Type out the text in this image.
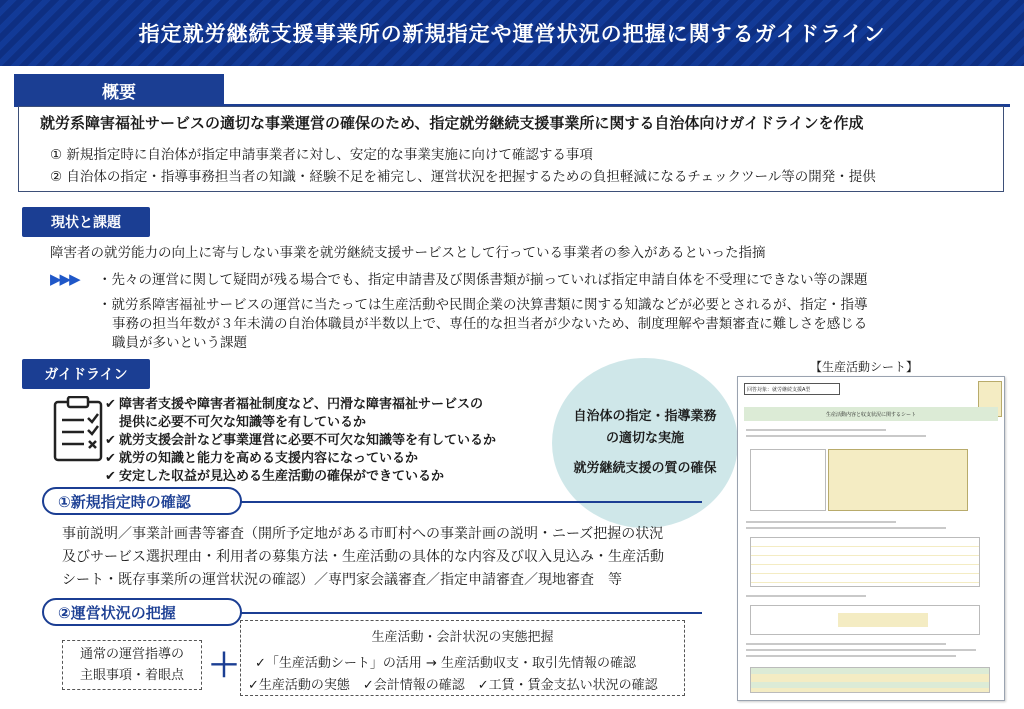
指定就労継続支援事業所の新規指定や運営状況の把握に関するガイドライン
概要
就労系障害福祉サービスの適切な事業運営の確保のため、指定就労継続支援事業所に関する自治体向けガイドラインを作成
① 新規指定時に自治体が指定申請事業者に対し、安定的な事業実施に向けて確認する事項
② 自治体の指定・指導事務担当者の知識・経験不足を補完し、運営状況を把握するための負担軽減になるチェックツール等の開発・提供
現状と課題
障害者の就労能力の向上に寄与しない事業を就労継続支援サービスとして行っている事業者の参入があるといった指摘
▶▶▶ ・先々の運営に関して疑問が残る場合でも、指定申請書及び関係書類が揃っていれば指定申請自体を不受理にできない等の課題
・就労系障害福祉サービスの運営に当たっては生産活動や民間企業の決算書類に関する知識などが必要とされるが、指定・指導
事務の担当年数が３年未満の自治体職員が半数以上で、専任的な担当者が少ないため、制度理解や書類審査に難しさを感じる
職員が多いという課題
ガイドライン
✔ 障害者支援や障害者福祉制度など、円滑な障害福祉サービスの
提供に必要不可欠な知識等を有しているか
✔ 就労支援会計など事業運営に必要不可欠な知識等を有しているか
✔ 就労の知識と能力を高める支援内容になっているか
✔ 安定した収益が見込める生産活動の確保ができているか
自治体の指定・指導業務
の適切な実施
就労継続支援の質の確保
①新規指定時の確認
事前説明／事業計画書等審査（開所予定地がある市町村への事業計画の説明・ニーズ把握の状況
及びサービス選択理由・利用者の募集方法・生産活動の具体的な内容及び収入見込み・生産活動
シート・既存事業所の運営状況の確認）／専門家会議審査／指定申請審査／現地審査　等
②運営状況の把握
通常の運営指導の
主眼事項・着眼点 ＋
生産活動・会計状況の実態把握
✓「生産活動シート」の活用 → 生産活動収支・取引先情報の確認
✓生産活動の実態　✓会計情報の確認　✓工賃・賃金支払い状況の確認
【生産活動シート】
回答対象：就労継続支援A型
生産活動内容と収支状況に関するシート
